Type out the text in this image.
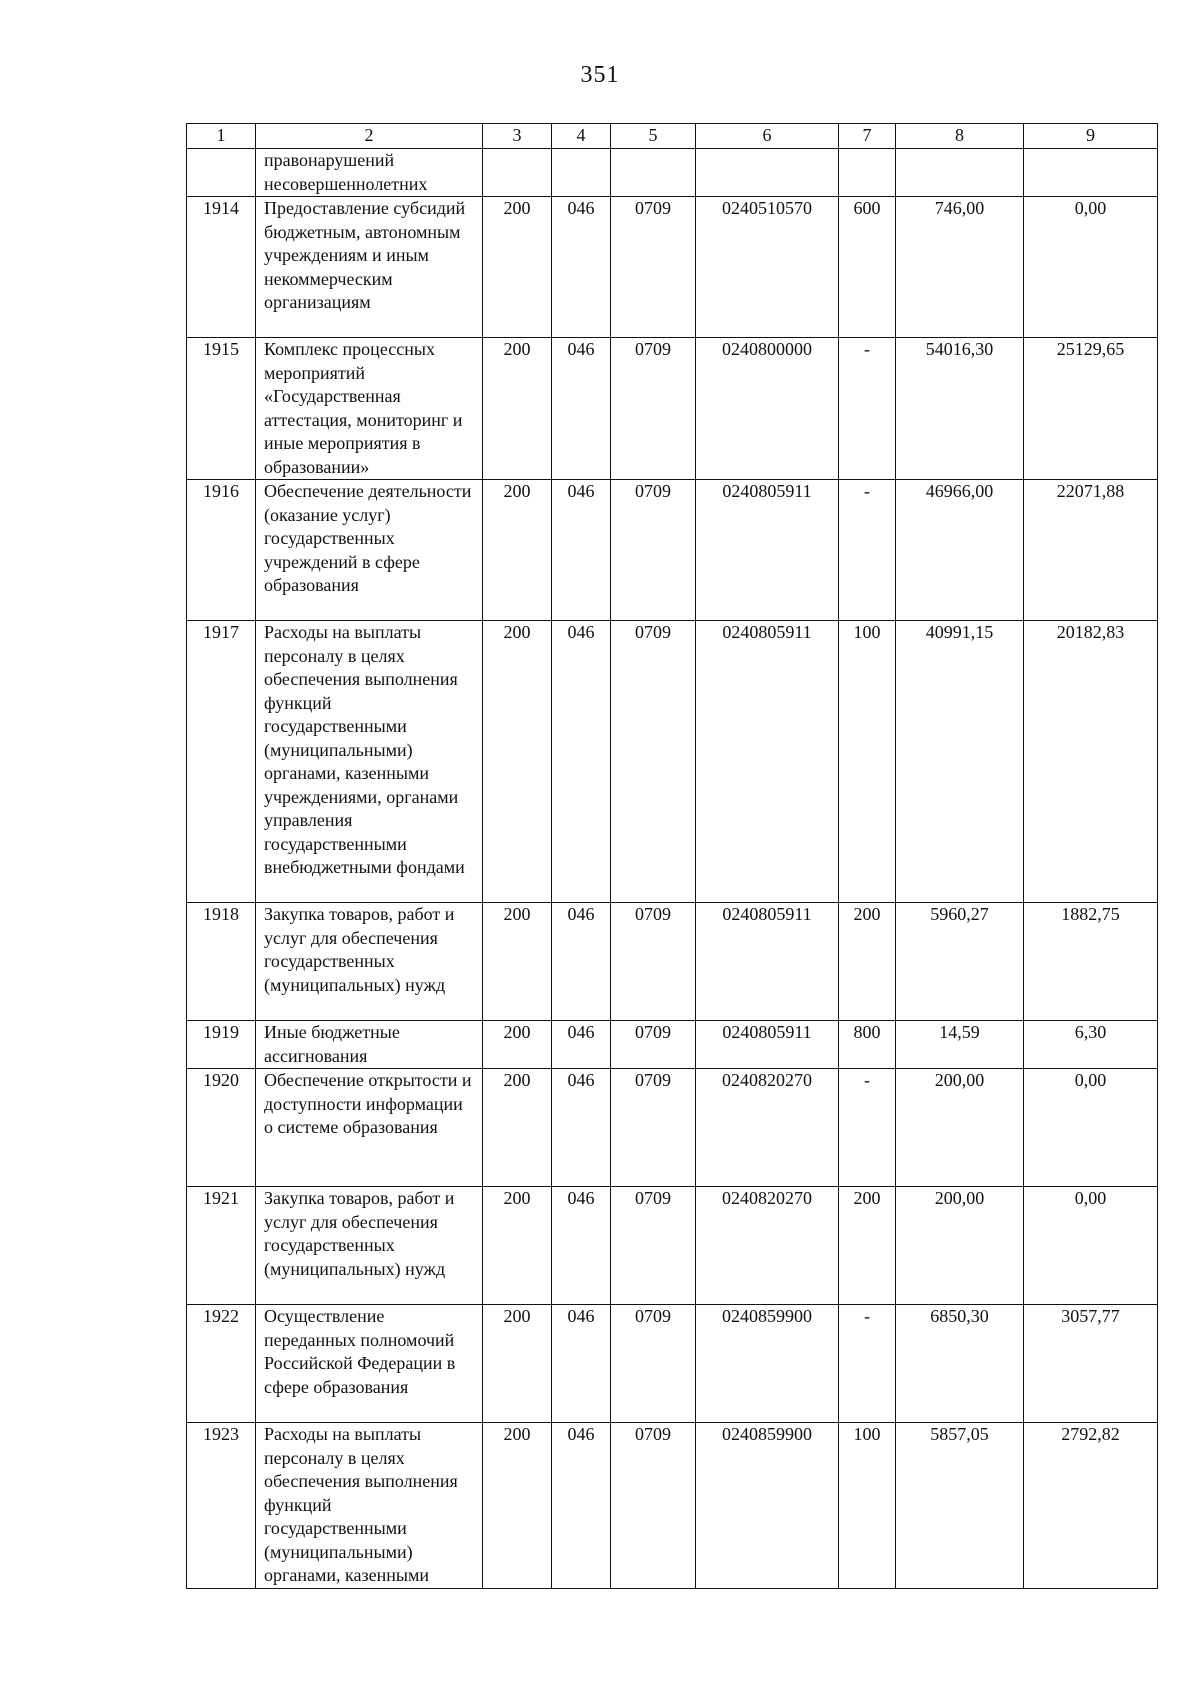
351
1	2	3	4	5	6	7	8	9
	правонарушений несовершеннолетних							
1914	Предоставление субсидий бюджетным, автономным учреждениям и иным некоммерческим организациям	200	046	0709	0240510570	600	746,00	0,00
1915	Комплекс процессных мероприятий «Государственная аттестация, мониторинг и иные мероприятия в образовании»	200	046	0709	0240800000	-	54016,30	25129,65
1916	Обеспечение деятельности (оказание услуг) государственных учреждений в сфере образования	200	046	0709	0240805911	-	46966,00	22071,88
1917	Расходы на выплаты персоналу в целях обеспечения выполнения функций государственными (муниципальными) органами, казенными учреждениями, органами управления государственными внебюджетными фондами	200	046	0709	0240805911	100	40991,15	20182,83
1918	Закупка товаров, работ и услуг для обеспечения государственных (муниципальных) нужд	200	046	0709	0240805911	200	5960,27	1882,75
1919	Иные бюджетные ассигнования	200	046	0709	0240805911	800	14,59	6,30
1920	Обеспечение открытости и доступности информации о системе образования	200	046	0709	0240820270	-	200,00	0,00
1921	Закупка товаров, работ и услуг для обеспечения государственных (муниципальных) нужд	200	046	0709	0240820270	200	200,00	0,00
1922	Осуществление переданных полномочий Российской Федерации в сфере образования	200	046	0709	0240859900	-	6850,30	3057,77
1923	Расходы на выплаты персоналу в целях обеспечения выполнения функций государственными (муниципальными) органами, казенными	200	046	0709	0240859900	100	5857,05	2792,82
